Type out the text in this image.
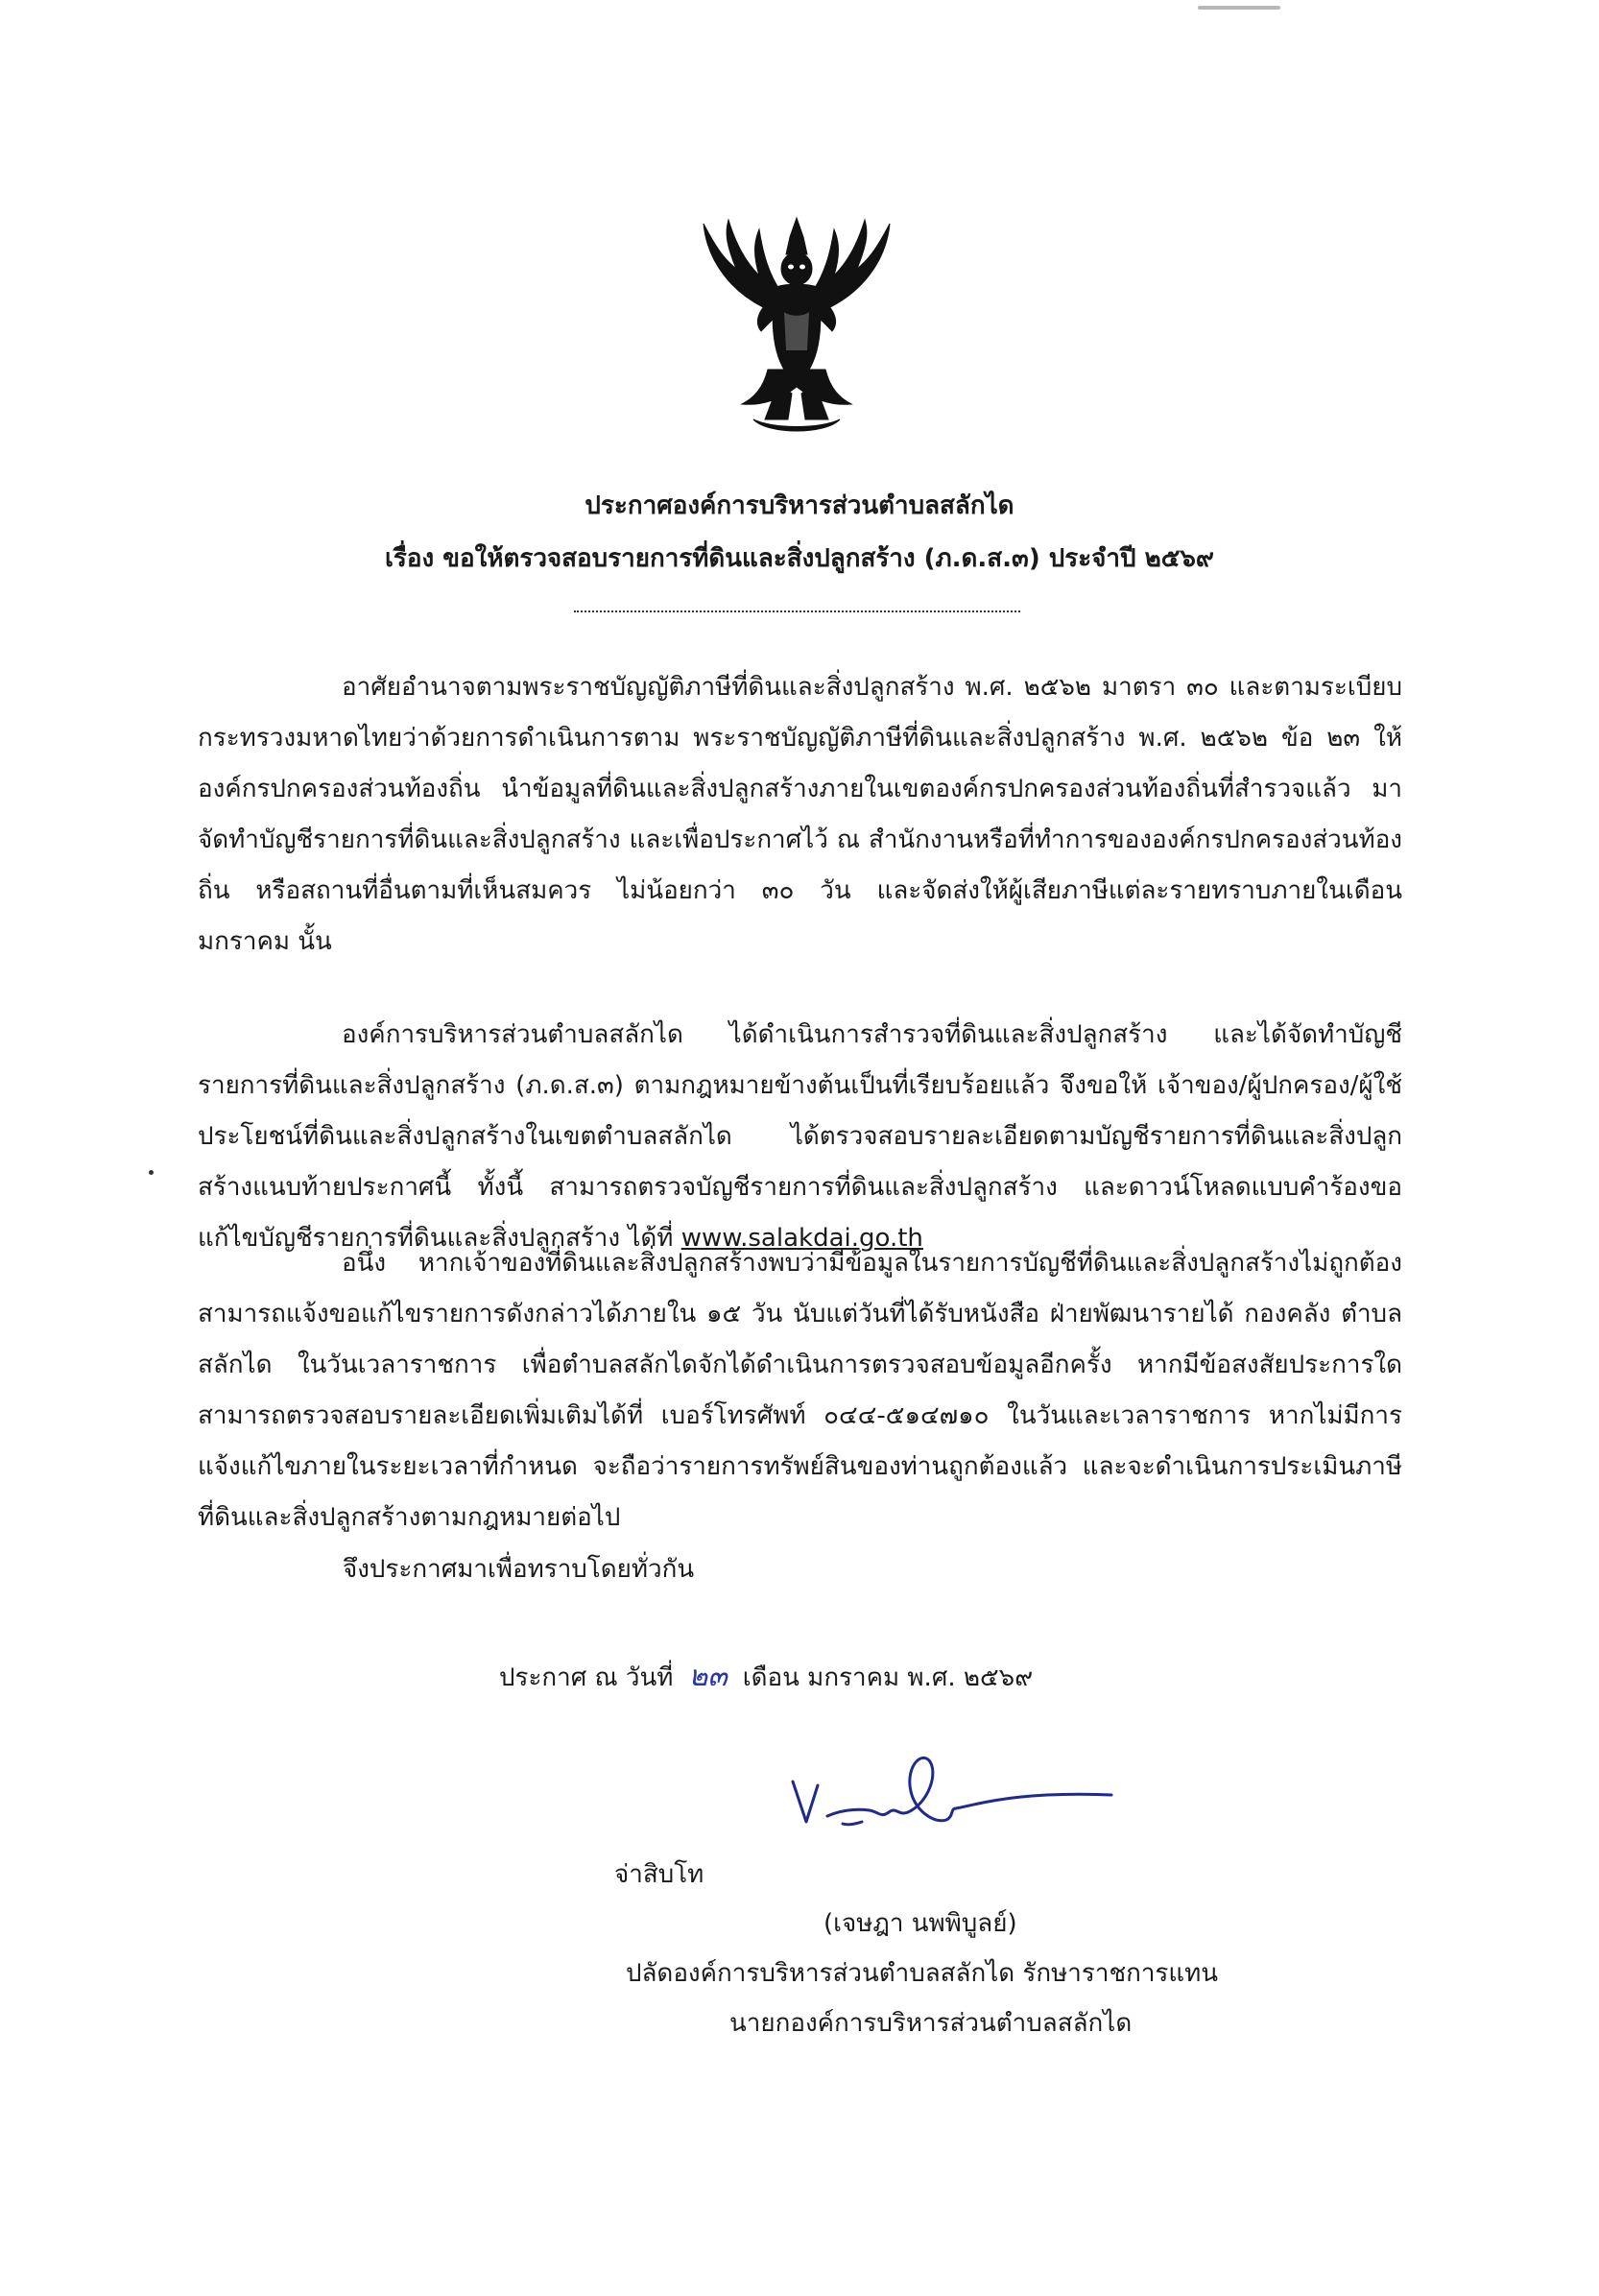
ประกาศองค์การบริหารส่วนตำบลสลักได
เรื่อง ขอให้ตรวจสอบรายการที่ดินและสิ่งปลูกสร้าง (ภ.ด.ส.๓) ประจำปี ๒๕๖๙

อาศัยอำนาจตามพระราชบัญญัติภาษีที่ดินและสิ่งปลูกสร้าง พ.ศ. ๒๕๖๒ มาตรา ๓๐ และตามระเบียบกระทรวงมหาดไทยว่าด้วยการดำเนินการตาม พระราชบัญญัติภาษีที่ดินและสิ่งปลูกสร้าง พ.ศ. ๒๕๖๒ ข้อ ๒๓ ให้องค์กรปกครองส่วนท้องถิ่น นำข้อมูลที่ดินและสิ่งปลูกสร้างภายในเขตองค์กรปกครองส่วนท้องถิ่นที่สำรวจแล้ว มาจัดทำบัญชีรายการที่ดินและสิ่งปลูกสร้าง และเพื่อประกาศไว้ ณ สำนักงานหรือที่ทำการขององค์กรปกครองส่วนท้องถิ่น หรือสถานที่อื่นตามที่เห็นสมควร ไม่น้อยกว่า ๓๐ วัน และจัดส่งให้ผู้เสียภาษีแต่ละรายทราบภายในเดือนมกราคม นั้น

องค์การบริหารส่วนตำบลสลักได ได้ดำเนินการสำรวจที่ดินและสิ่งปลูกสร้าง และได้จัดทำบัญชีรายการที่ดินและสิ่งปลูกสร้าง (ภ.ด.ส.๓) ตามกฎหมายข้างต้นเป็นที่เรียบร้อยแล้ว จึงขอให้ เจ้าของ/ผู้ปกครอง/ผู้ใช้ประโยชน์ที่ดินและสิ่งปลูกสร้างในเขตตำบลสลักได ได้ตรวจสอบรายละเอียดตามบัญชีรายการที่ดินและสิ่งปลูกสร้างแนบท้ายประกาศนี้ ทั้งนี้ สามารถตรวจบัญชีรายการที่ดินและสิ่งปลูกสร้าง และดาวน์โหลดแบบคำร้องขอแก้ไขบัญชีรายการที่ดินและสิ่งปลูกสร้าง ได้ที่ www.salakdai.go.th

อนึ่ง หากเจ้าของที่ดินและสิ่งปลูกสร้างพบว่ามีข้อมูลในรายการบัญชีที่ดินและสิ่งปลูกสร้างไม่ถูกต้อง สามารถแจ้งขอแก้ไขรายการดังกล่าวได้ภายใน ๑๕ วัน นับแต่วันที่ได้รับหนังสือ ฝ่ายพัฒนารายได้ กองคลัง ตำบลสลักได ในวันเวลาราชการ เพื่อตำบลสลักไดจักได้ดำเนินการตรวจสอบข้อมูลอีกครั้ง หากมีข้อสงสัยประการใดสามารถตรวจสอบรายละเอียดเพิ่มเติมได้ที่ เบอร์โทรศัพท์ ๐๔๔-๕๑๔๗๑๐ ในวันและเวลาราชการ หากไม่มีการแจ้งแก้ไขภายในระยะเวลาที่กำหนด จะถือว่ารายการทรัพย์สินของท่านถูกต้องแล้ว และจะดำเนินการประเมินภาษีที่ดินและสิ่งปลูกสร้างตามกฎหมายต่อไป

จึงประกาศมาเพื่อทราบโดยทั่วกัน
ประกาศ ณ วันที่ ๒๓ เดือน มกราคม พ.ศ. ๒๕๖๙
จ่าสิบโท
(เจษฎา นพพิบูลย์)
ปลัดองค์การบริหารส่วนตำบลสลักได รักษาราชการแทน
นายกองค์การบริหารส่วนตำบลสลักได
